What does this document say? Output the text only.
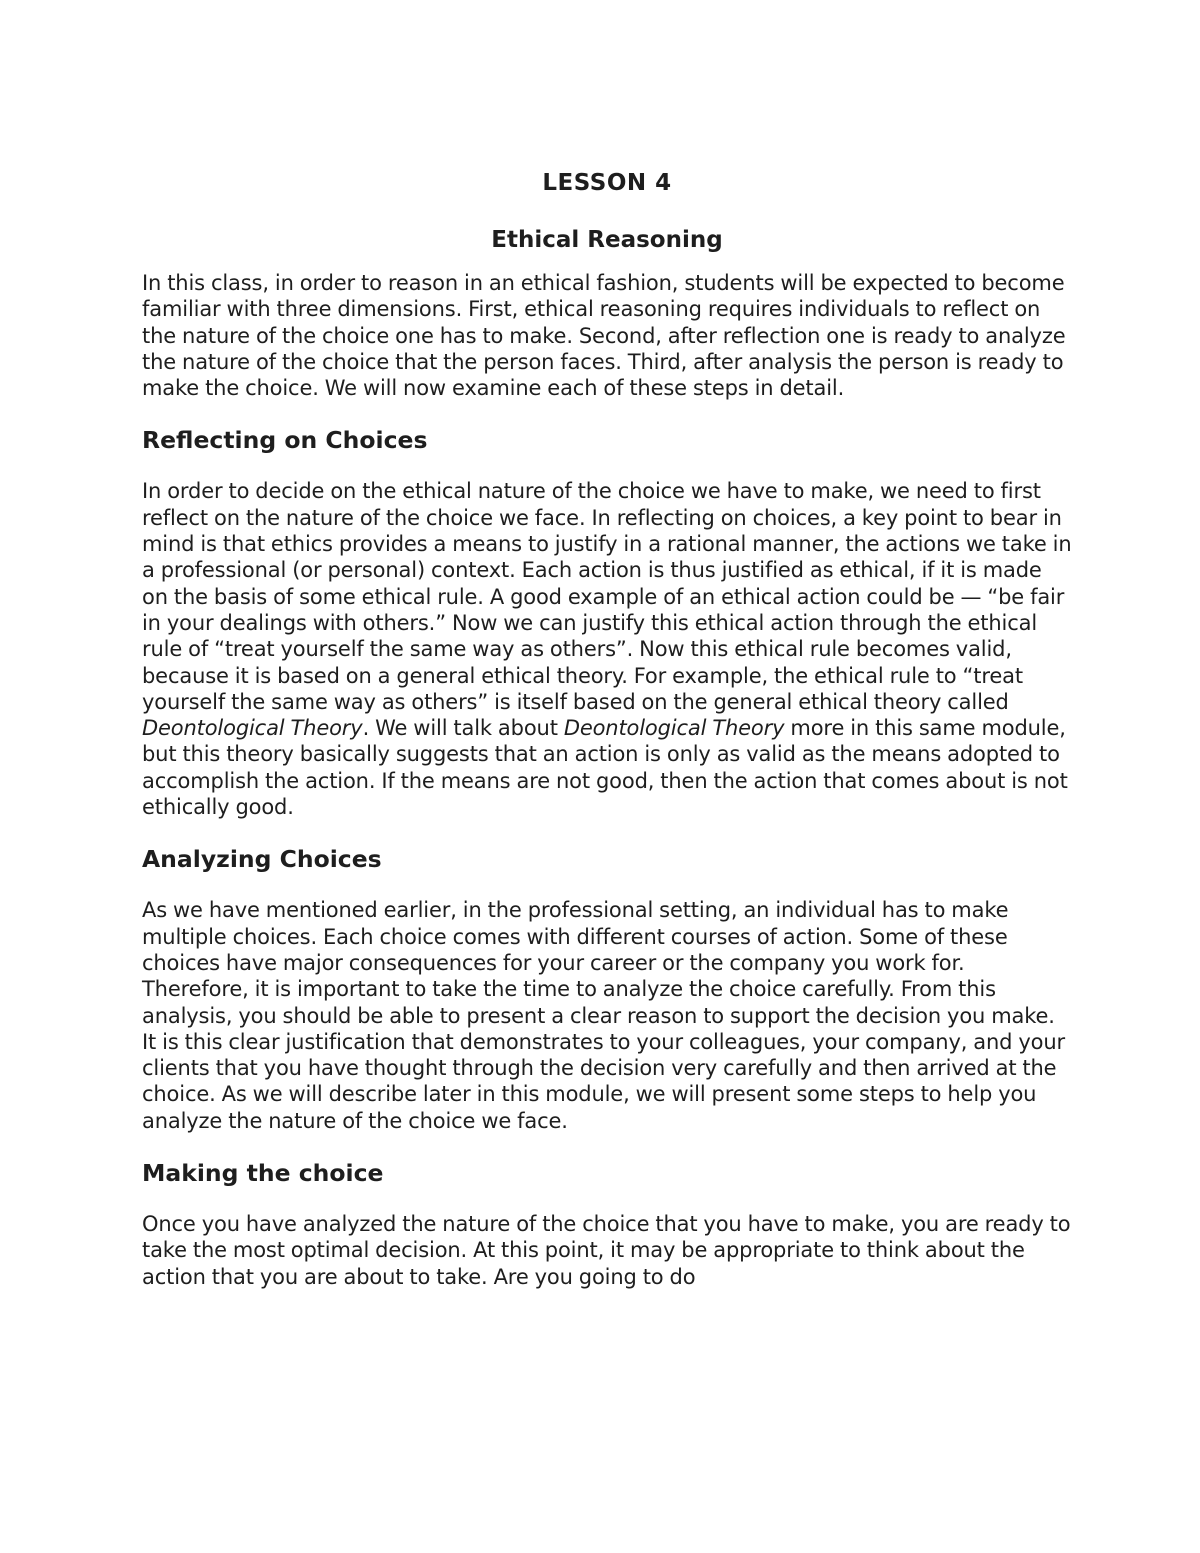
LESSON 4
Ethical Reasoning

In this class, in order to reason in an ethical fashion, students will be expected to become familiar with three dimensions. First, ethical reasoning requires individuals to reflect on the nature of the choice one has to make. Second, after reflection one is ready to analyze the nature of the choice that the person faces. Third, after analysis the person is ready to make the choice. We will now examine each of these steps in detail.

Reflecting on Choices

In order to decide on the ethical nature of the choice we have to make, we need to first reflect on the nature of the choice we face. In reflecting on choices, a key point to bear in mind is that ethics provides a means to justify in a rational manner, the actions we take in a professional (or personal) context. Each action is thus justified as ethical, if it is made on the basis of some ethical rule. A good example of an ethical action could be — “be fair in your dealings with others.” Now we can justify this ethical action through the ethical rule of “treat yourself the same way as others”. Now this ethical rule becomes valid, because it is based on a general ethical theory. For example, the ethical rule to “treat yourself the same way as others” is itself based on the general ethical theory called Deontological Theory. We will talk about Deontological Theory more in this same module, but this theory basically suggests that an action is only as valid as the means adopted to accomplish the action. If the means are not good, then the action that comes about is not ethically good.

Analyzing Choices

As we have mentioned earlier, in the professional setting, an individual has to make multiple choices. Each choice comes with different courses of action. Some of these choices have major consequences for your career or the company you work for. Therefore, it is important to take the time to analyze the choice carefully. From this analysis, you should be able to present a clear reason to support the decision you make. It is this clear justification that demonstrates to your colleagues, your company, and your clients that you have thought through the decision very carefully and then arrived at the choice. As we will describe later in this module, we will present some steps to help you analyze the nature of the choice we face.

Making the choice

Once you have analyzed the nature of the choice that you have to make, you are ready to take the most optimal decision. At this point, it may be appropriate to think about the action that you are about to take. Are you going to do
